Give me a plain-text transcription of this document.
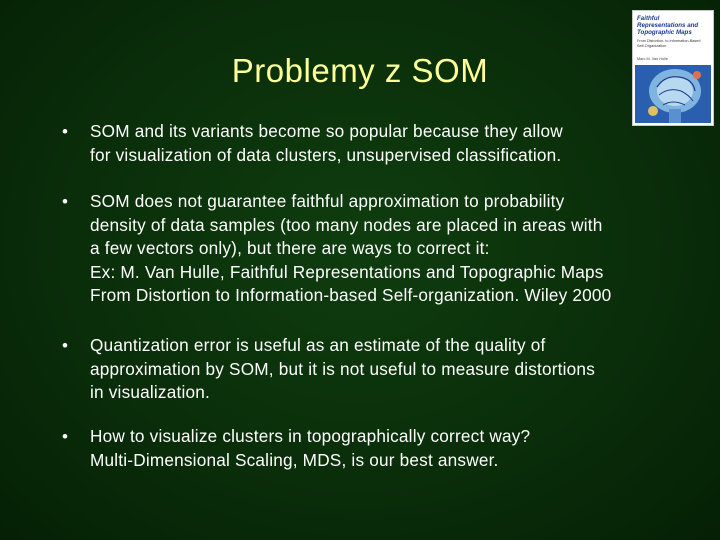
Problemy z SOM
Faithful Representations and Topographic Maps
From Distortion- to Information-Based Self-Organization
Marc M. Van Hulle
• SOM and its variants become so popular because they allow

for visualization of data clusters, unsupervised classification.

• SOM does not guarantee faithful approximation to probability

density of data samples (too many nodes are placed in areas with

a few vectors only), but there are ways to correct it:

Ex: M. Van Hulle, Faithful Representations and Topographic Maps

From Distortion to Information-based Self-organization. Wiley 2000

• Quantization error is useful as an estimate of the quality of

approximation by SOM, but it is not useful to measure distortions

in visualization.

• How to visualize clusters in topographically correct way?

Multi-Dimensional Scaling, MDS, is our best answer.
